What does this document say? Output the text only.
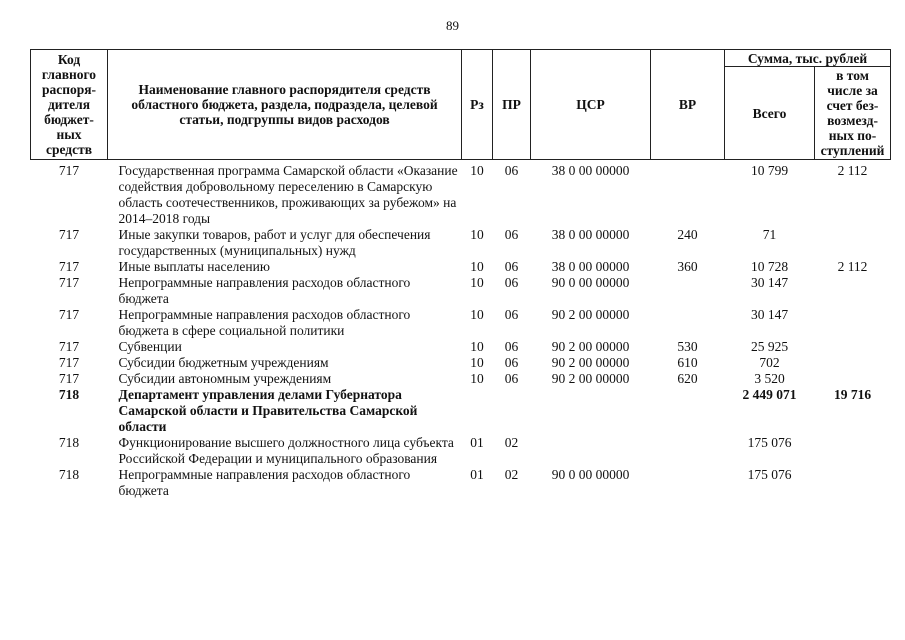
89
Код главного распоря-дителя бюджет-ных средств	Наименование главного распорядителя средств областного бюджета, раздела, подраздела, целевой статьи, подгруппы видов расходов	Рз	ПР	ЦСР	ВР	Сумма, тыс. рублей	
						Всего	в том числе за счет без-возмезд-ных по-ступлений
717	Государственная программа Самарской области «Оказание содействия добровольному переселению в Самарскую область соотечественников, проживающих за рубежом» на 2014–2018 годы	10	06	38 0 00 00000		10 799	2 112
717	Иные закупки товаров, работ и услуг для обеспечения государственных (муниципальных) нужд	10	06	38 0 00 00000	240	71	
717	Иные выплаты населению	10	06	38 0 00 00000	360	10 728	2 112
717	Непрограммные направления расходов областного бюджета	10	06	90 0 00 00000		30 147	
717	Непрограммные направления расходов областного бюджета в сфере социальной политики	10	06	90 2 00 00000		30 147	
717	Субвенции	10	06	90 2 00 00000	530	25 925	
717	Субсидии бюджетным учреждениям	10	06	90 2 00 00000	610	702	
717	Субсидии автономным учреждениям	10	06	90 2 00 00000	620	3 520	
718	Департамент управления делами Губернатора Самарской области и Правительства Самарской области					2 449 071	19 716
718	Функционирование высшего должностного лица субъекта Российской Федерации и муниципального образования	01	02			175 076	
718	Непрограммные направления расходов областного бюджета	01	02	90 0 00 00000		175 076	
